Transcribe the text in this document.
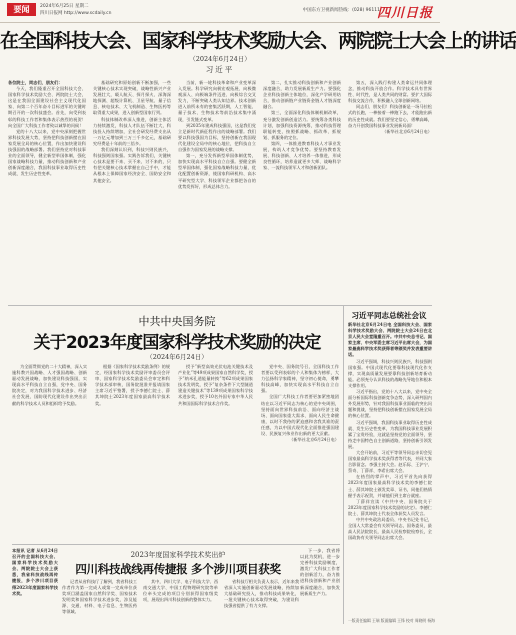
要闻	2024年6月25日 星期二
四川日报网 http://www.scdaily.cn
中国东方卫视新闻热线：(028) 96111
四川日报
在全国科技大会、国家科学技术奖励大会、两院院士大会上的讲话
（2024年6月24日）
习近平

各位院士，同志们，朋友们：

今天，我们隆重召开全国科技大会、国家科学技术奖励大会、两院院士大会，这是在我国全面建设社会主义现代化国家、向第二个百年奋斗目标进军的关键时期召开的一次科技盛会。首先，向受到表彰的科技工作者和集体表示热烈的祝贺！向全国广大科技工作者致以诚挚的问候！

党的十八大以来，党中央深刻把握世界科技发展大势，坚持把科技创新摆在国家发展全局的核心位置，作出加快建设科技强国的战略部署。我们坚持党对科技事业的全面领导，健全新型举国体制，强化国家战略科技力量，推动科技创新和产业创新深度融合，我国科技事业取得历史性成就、发生历史性变革。

基础研究和原始创新不断加强，一些关键核心技术实现突破，战略性新兴产业发展壮大，载人航天、探月探火、深海深地探测、超级计算机、卫星导航、量子信息、核电技术、大飞机制造、生物医药等取得重大成果，进入创新型国家行列。

科技体制改革深入推进，创新主体活力持续激发，科技人才队伍不断壮大，科技投入持续增加，全社会研发经费支出从一万亿元增加到三万三千多亿元，基础研究经费是十年前的三倍多。

我们深刻认识到，科技兴则民族兴，科技强则国家强。实践告诉我们，关键核心技术是要不来、买不来、讨不来的，只有把关键核心技术掌握在自己手中，才能从根本上保障国家经济安全、国防安全和其他安全。

当前，新一轮科技革命和产业变革深入发展。科学研究向极宏观拓展、向极微观深入、向极端条件迈进、向极综合交叉发力，不断突破人类认知边界。技术创新进入前所未有的密集活跃期，人工智能、量子技术、生物技术等前沿技术集中涌现，引发链式变革。

到2035年建成科技强国，这是我们党立足新时代新征程作出的战略部署。我们要以科技强国为目标，坚持创新在我国现代化建设全局中的核心地位，把科技自立自强作为国家发展的战略支撑。

第一，充分发挥新型举国体制优势，加快实现高水平科技自立自强。要健全新型举国体制，强化国家战略科技力量，优化配置创新资源，使国家科研机构、高水平研究型大学、科技领军企业都把各自的优势发挥好，形成总体合力。

第二，扎实推动科技创新和产业创新深度融合，助力发展新质生产力。要强化企业科技创新主体地位，深化产学研用结合，推动创新链产业链资金链人才链深度融合。

第三，全面深化科技体制机制改革，充分激发创新创造活力。要统筹各类科技计划，加强科技资源统筹，推动科技管理职能转变，按照抓战略、抓改革、抓规划、抓服务的定位。

第四，一体推进教育科技人才事业发展，构筑人才竞争优势。要坚持教育发展、科技创新、人才培养一体推进，形成良性循环，培养造就更多大师、战略科学家、一流科技领军人才和创新团队。

第五，深入践行构建人类命运共同体理念，推动科技开放合作。科学技术具有世界性、时代性，是人类共同的财富。要扩大国际科技交流合作，积极融入全球创新网络。

同志们、朋友们！科技创新是一场马拉松式的长跑，一棒接着一棒跑下去，才能跑出新的历史性成就。我们要坚定信心，勇攀高峰，奋力开创我国科技事业发展新局面！

（新华社北京6月24日电）

中共中央国务院
关于2023年度国家科学技术奖励的决定
（2024年6月24日）

为全面贯彻党的二十大精神，深入实施科教兴国战略、人才强国战略、创新驱动发展战略，加快建设科技强国，实现高水平科技自立自强，党中央、国务院决定，对为我国科学技术进步、经济社会发展、国防现代化建设作出突出贡献的科学技术人员和组织给予奖励。

根据《国家科学技术奖励条例》的规定，经国家科学技术奖励评审委员会评审、国家科学技术奖励委员会审定和科学技术部审核，国务院批准并报请国家主席习近平签署，授予李德仁院士、薛其坤院士2023年度国家最高科学技术奖。

授予“新型高效光伏电池关键技术及产业化”等49项成果国家自然科学奖，授予“纳米孔道能量转换”等62项成果国家技术发明奖，授予“复杂条件下大型隧道建造关键技术”等139项成果国家科学技术进步奖，授予10名外国专家中华人民共和国国际科学技术合作奖。

党中央、国务院号召，全国科技工作者要以受到表彰的个人和集体为榜样，大力弘扬科学家精神，坚守初心使命，勇攀科技高峰，加快实现高水平科技自立自强。

全国广大科技工作者要更加紧密地团结在以习近平同志为核心的党中央周围，坚持面向世界科技前沿、面向经济主战场、面向国家重大需求、面向人民生命健康，以时不我待的紧迫感和舍我其谁的责任感，为以中国式现代化全面推进强国建设、民族复兴伟业作出新的更大贡献。

（新华社北京6月24日电）

习近平同志总统社会议

新华社北京6月24日电 全国科技大会、国家科学技术奖励大会、两院院士大会24日在北京人民大会堂隆重召开。中共中央总书记、国家主席、中央军委主席习近平出席大会，为国家最高科学技术奖获得者等颁奖并发表重要讲话。

习近平强调，科技兴则民族兴，科技强则国家强。中国式现代化要靠科技现代化作支撑，实现高质量发展要靠科技创新培育新动能。必须充分认识科技的战略先导地位和根本支撑作用。

习近平指出，党的十八大以来，党中央全面分析国际科技创新竞争态势，深入研判国内外发展形势，针对我国科技事业面临的突出问题和挑战，坚持把科技创新摆在国家发展全局的核心位置。

习近平强调，我国科技事业取得历史性成就、发生历史性变革，为我国科技事业发展积累了宝贵经验，这就是坚持党的全面领导，坚持走中国特色自主创新道路，坚持创新引领发展。

大会开始前，习近平等领导同志亲切会见国家最高科学技术奖获得者等代表，并同大家合影留念。李强主持大会。赵乐际、王沪宁、蔡奇、丁薛祥、李希出席大会。

在热烈的掌声中，习近平首先向获得2023年度国家最高科学技术奖的李德仁院士、薛其坤院士颁发奖章、证书，同他们热情握手表示祝贺，并请他们到主席台就座。

丁薛祥宣读《中共中央、国务院关于2023年度国家科学技术奖励的决定》。李德仁院士、薛其坤院士代表全体获奖人员发言。

中共中央政治局委员、中央书记处书记，全国人大常委会有关领导同志，国务委员，最高人民法院院长，最高人民检察院检察长，全国政协有关领导同志出席大会。

2023年度国家科学技术奖出炉
四川科技战线再传捷报 多个涉川项目获奖

本报讯 记者 从6月24日召开的全国科技大会、国家科学技术奖励大会、两院院士大会上获悉，我省科技战线再传捷报，多个涉川项目获得2023年度国家科学技术奖。

记者从省科技厅了解到，我省科技工作者作为第一完成人或第一完成单位获奖项目涵盖国家自然科学奖、国家技术发明奖和国家科学技术进步奖，涉及能源、交通、材料、电子信息、生物医药等领域。

其中，四川大学、电子科技大学、西南交通大学、中国工程物理研究院等单位牵头完成的项目分别获得国家级奖项，展现出四川科技创新的整体实力。

省科技厅相关负责人表示，近年来我省深入实施创新驱动发展战略，持续加大基础研究投入，推动科技成果转化，一批关键核心技术取得突破，为建设科技强省提供了有力支撑。

下一步，我省将以此为契机，进一步完善科技奖励制度，激发广大科技工作者的创新活力，奋力推进科技创新和产业创新深度融合，加快发展新质生产力。

一版责任编辑 王瑞 版面编辑 王锋 校对 周晓明 杨海
